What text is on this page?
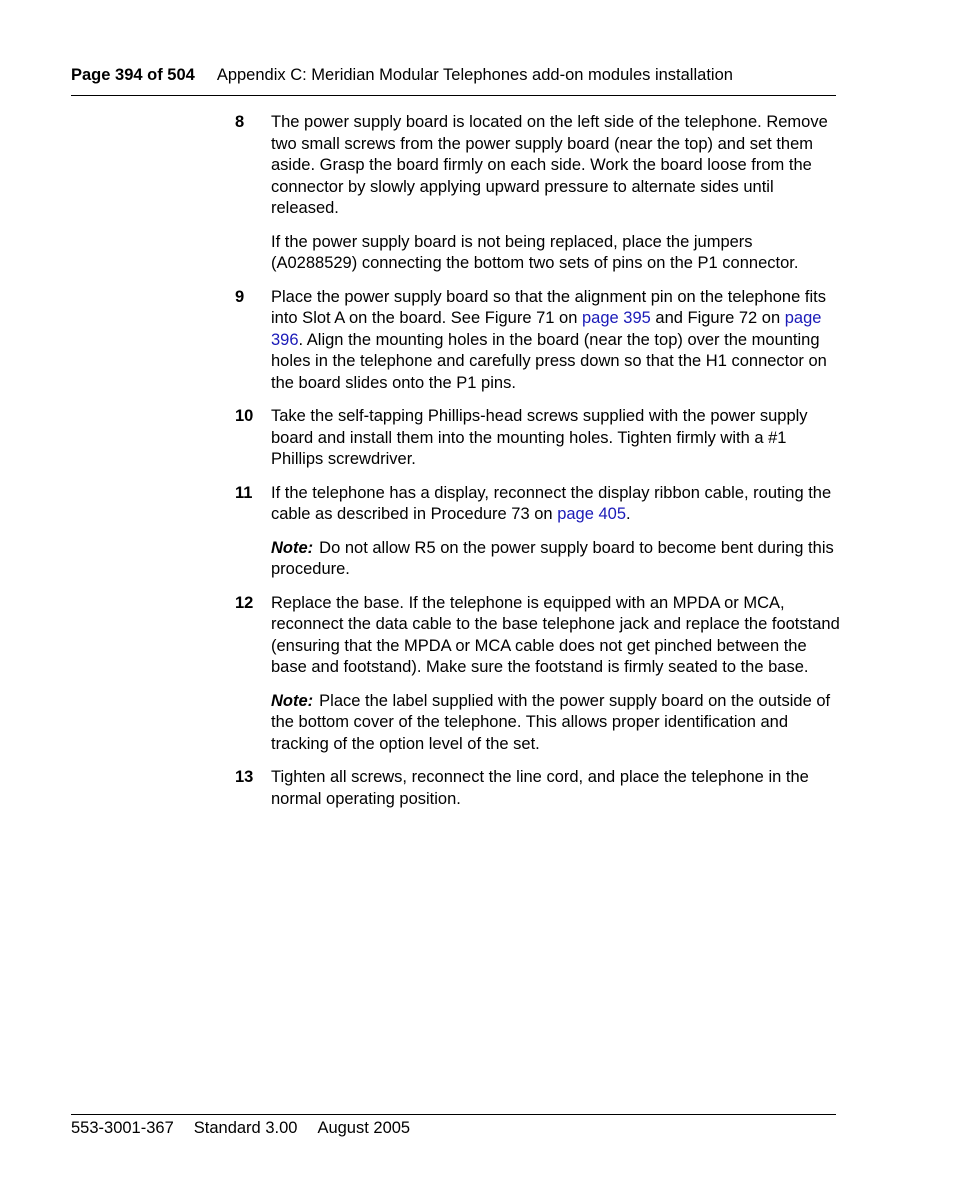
Page 394 of 504 Appendix C: Meridian Modular Telephones add-on modules installation
8 The power supply board is located on the left side of the telephone. Remove two small screws from the power supply board (near the top) and set them aside. Grasp the board firmly on each side. Work the board loose from the connector by slowly applying upward pressure to alternate sides until released.

If the power supply board is not being replaced, place the jumpers (A0288529) connecting the bottom two sets of pins on the P1 connector.

9 Place the power supply board so that the alignment pin on the telephone fits into Slot A on the board. See Figure 71 on page 395 and Figure 72 on page 396. Align the mounting holes in the board (near the top) over the mounting holes in the telephone and carefully press down so that the H1 connector on the board slides onto the P1 pins.

10 Take the self-tapping Phillips-head screws supplied with the power supply board and install them into the mounting holes. Tighten firmly with a #1 Phillips screwdriver.

11 If the telephone has a display, reconnect the display ribbon cable, routing the cable as described in Procedure 73 on page 405.

Note: Do not allow R5 on the power supply board to become bent during this procedure.

12 Replace the base. If the telephone is equipped with an MPDA or MCA, reconnect the data cable to the base telephone jack and replace the footstand (ensuring that the MPDA or MCA cable does not get pinched between the base and footstand). Make sure the footstand is firmly seated to the base.

Note: Place the label supplied with the power supply board on the outside of the bottom cover of the telephone. This allows proper identification and tracking of the option level of the set.

13 Tighten all screws, reconnect the line cord, and place the telephone in the normal operating position.

553-3001-367 Standard 3.00 August 2005
